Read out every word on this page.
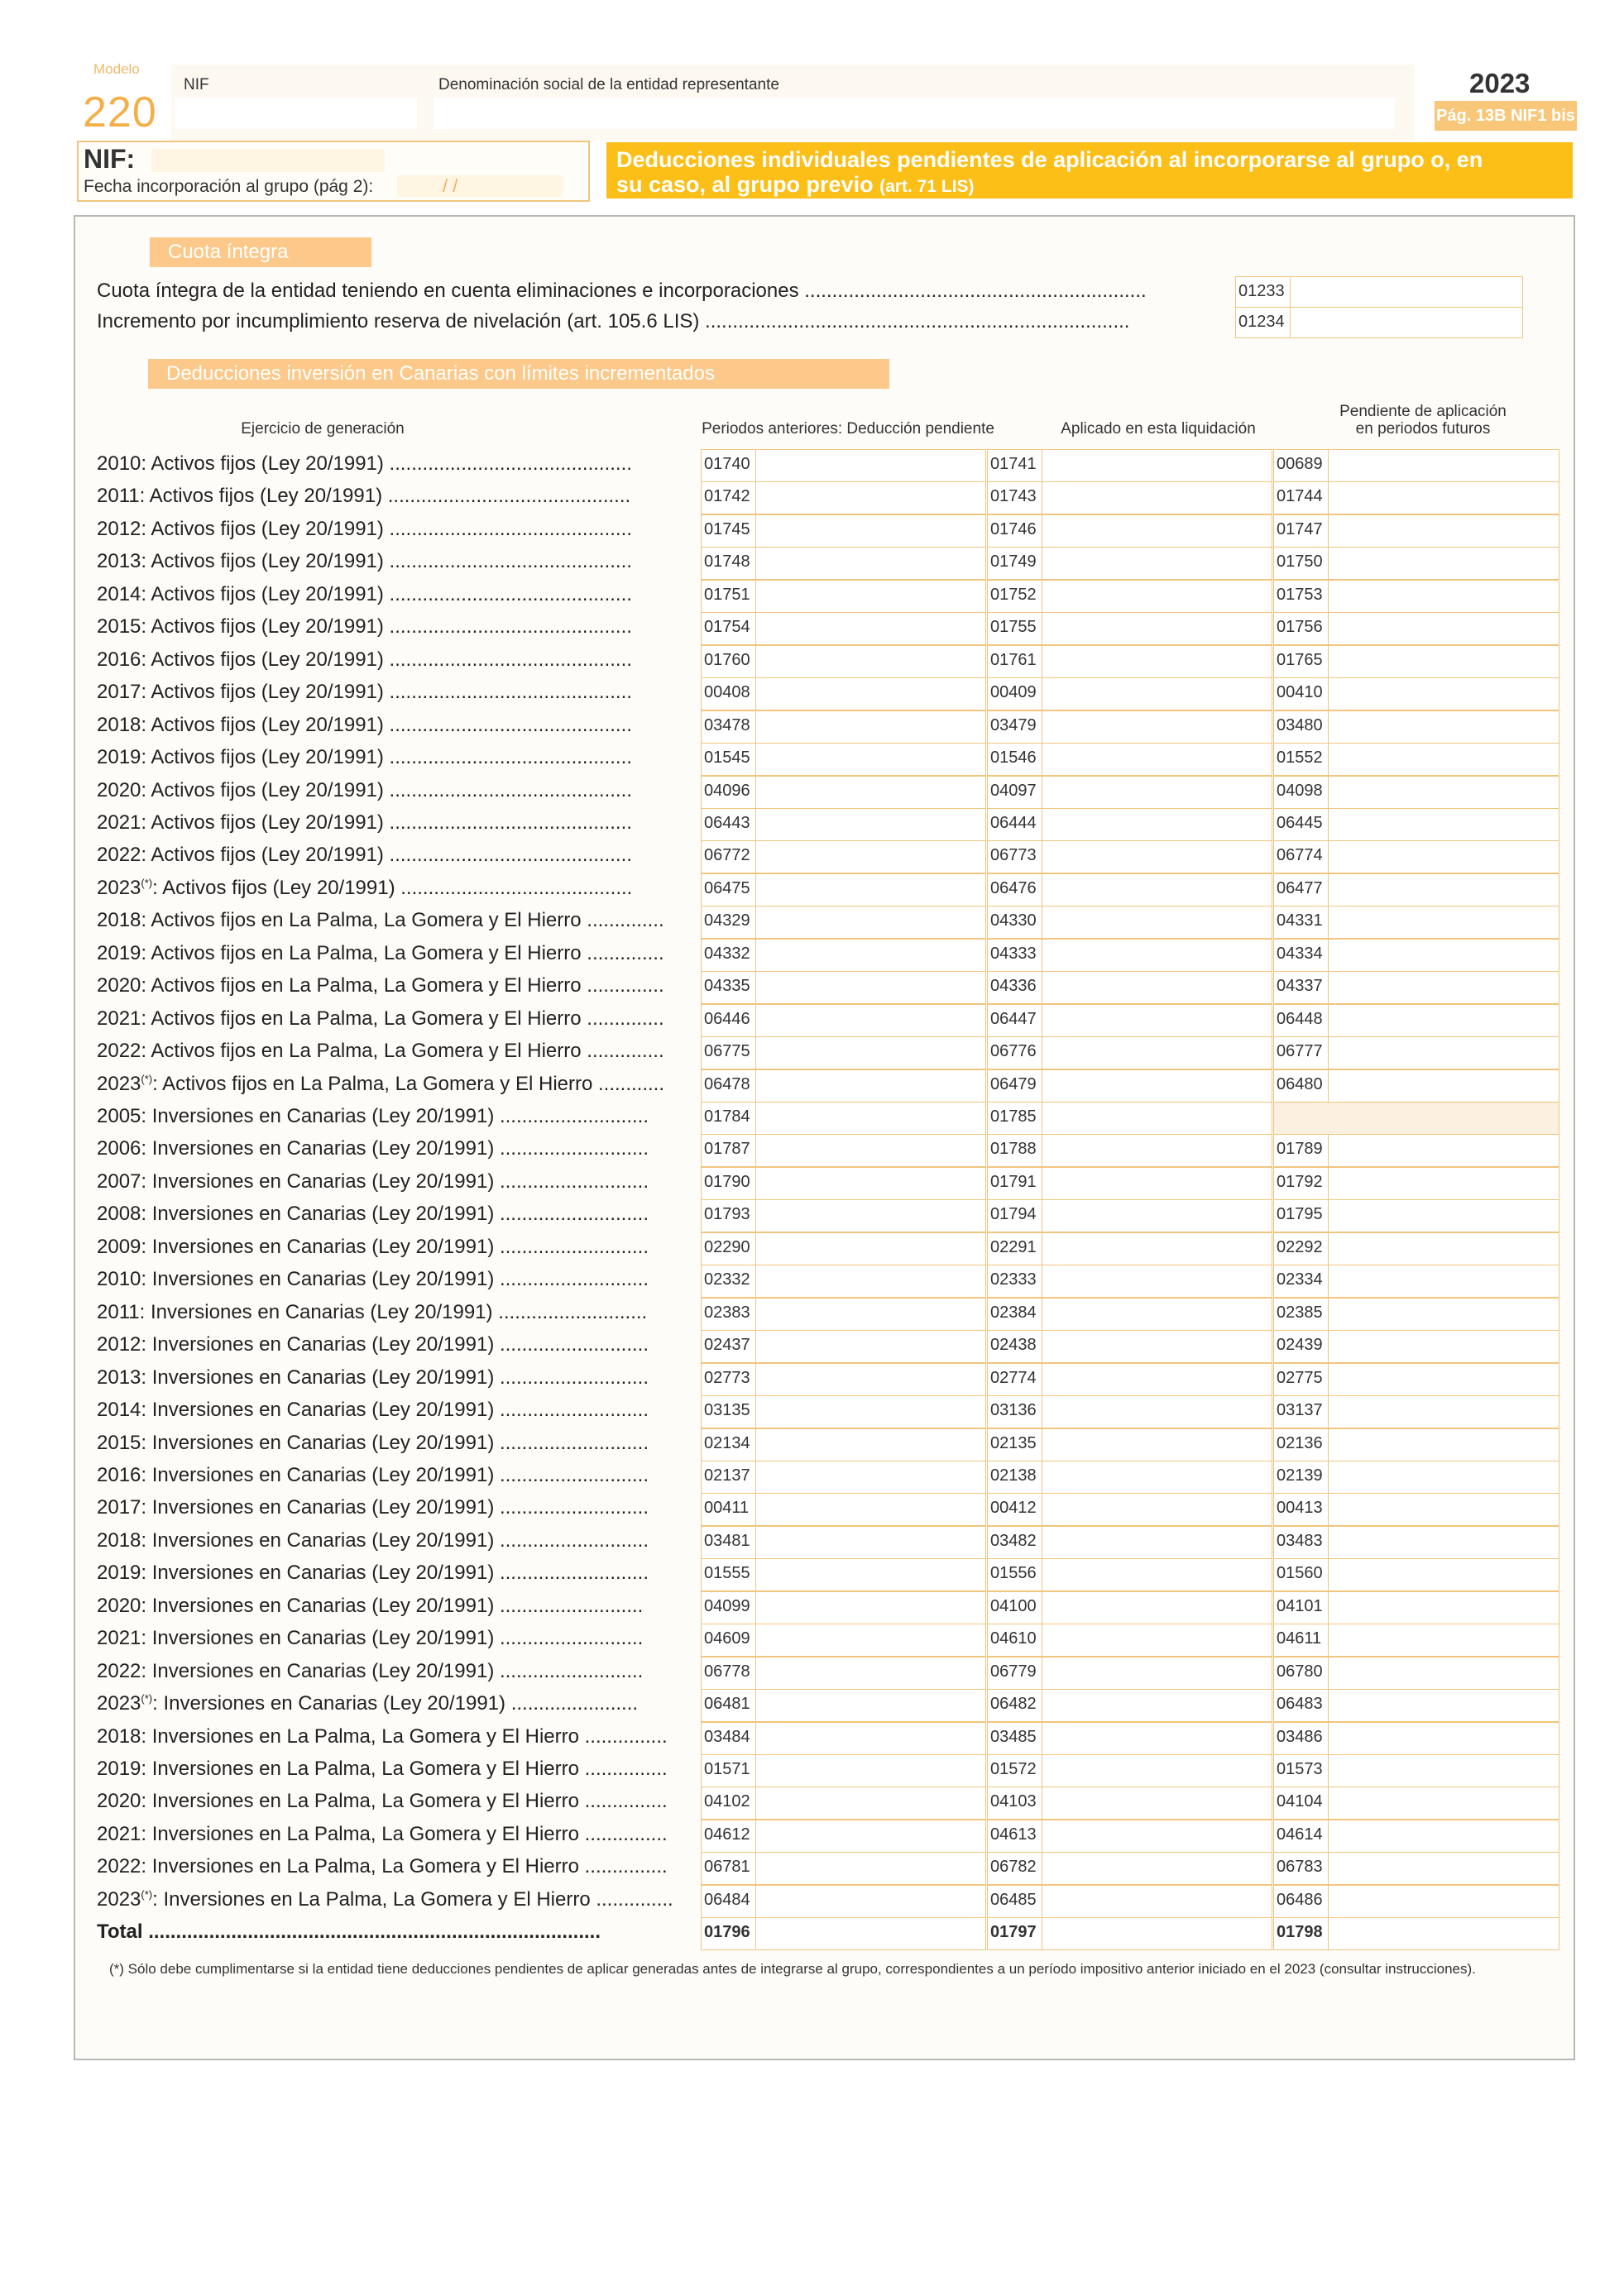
Modelo
220
NIF	Denominación social de la entidad representante	2023
Pág. 13B NIF1 bis
NIF:
Fecha incorporación al grupo (pág 2):	/ /
Deducciones individuales pendientes de aplicación al incorporarse al grupo o, en
su caso, al grupo previo (art. 71 LIS)
Cuota íntegra
Cuota íntegra de la entidad teniendo en cuenta eliminaciones e incorporaciones ..............................................................	01233
Incremento por incumplimiento reserva de nivelación (art. 105.6 LIS) .............................................................................	01234
Deducciones inversión en Canarias con límites incrementados
Ejercicio de generación	Periodos anteriores: Deducción pendiente	Aplicado en esta liquidación
Pendiente de aplicación
en periodos futuros
2010: Activos fijos (Ley 20/1991) ............................................	01740	01741	00689
2011: Activos fijos (Ley 20/1991) ............................................	01742	01743	01744
2012: Activos fijos (Ley 20/1991) ............................................	01745	01746	01747
2013: Activos fijos (Ley 20/1991) ............................................	01748	01749	01750
2014: Activos fijos (Ley 20/1991) ............................................	01751	01752	01753
2015: Activos fijos (Ley 20/1991) ............................................	01754	01755	01756
2016: Activos fijos (Ley 20/1991) ............................................	01760	01761	01765
2017: Activos fijos (Ley 20/1991) ............................................	00408	00409	00410
2018: Activos fijos (Ley 20/1991) ............................................	03478	03479	03480
2019: Activos fijos (Ley 20/1991) ............................................	01545	01546	01552
2020: Activos fijos (Ley 20/1991) ............................................	04096	04097	04098
2021: Activos fijos (Ley 20/1991) ............................................	06443	06444	06445
2022: Activos fijos (Ley 20/1991) ............................................	06772	06773	06774
2023(*): Activos fijos (Ley 20/1991) ..........................................	06475	06476	06477
2018: Activos fijos en La Palma, La Gomera y El Hierro .............. 04329	04330	04331
2019: Activos fijos en La Palma, La Gomera y El Hierro .............. 04332	04333	04334
2020: Activos fijos en La Palma, La Gomera y El Hierro .............. 04335	04336	04337
2021: Activos fijos en La Palma, La Gomera y El Hierro .............. 06446	06447	06448
2022: Activos fijos en La Palma, La Gomera y El Hierro .............. 06775	06776	06777
2023(*): Activos fijos en La Palma, La Gomera y El Hierro ............ 06478	06479	06480
2005: Inversiones en Canarias (Ley 20/1991) ...........................	01784	01785
2006: Inversiones en Canarias (Ley 20/1991) ...........................	01787	01788	01789
2007: Inversiones en Canarias (Ley 20/1991) ...........................	01790	01791	01792
2008: Inversiones en Canarias (Ley 20/1991) ...........................	01793	01794	01795
2009: Inversiones en Canarias (Ley 20/1991) ...........................	02290	02291	02292
2010: Inversiones en Canarias (Ley 20/1991) ...........................	02332	02333	02334
2011: Inversiones en Canarias (Ley 20/1991) ...........................	02383	02384	02385
2012: Inversiones en Canarias (Ley 20/1991) ...........................	02437	02438	02439
2013: Inversiones en Canarias (Ley 20/1991) ...........................	02773	02774	02775
2014: Inversiones en Canarias (Ley 20/1991) ...........................	03135	03136	03137
2015: Inversiones en Canarias (Ley 20/1991) ...........................	02134	02135	02136
2016: Inversiones en Canarias (Ley 20/1991) ...........................	02137	02138	02139
2017: Inversiones en Canarias (Ley 20/1991) ...........................	00411	00412	00413
2018: Inversiones en Canarias (Ley 20/1991) ...........................	03481	03482	03483
2019: Inversiones en Canarias (Ley 20/1991) ...........................	01555	01556	01560
2020: Inversiones en Canarias (Ley 20/1991) ..........................	04099	04100	04101
2021: Inversiones en Canarias (Ley 20/1991) ..........................	04609	04610	04611
2022: Inversiones en Canarias (Ley 20/1991) ..........................	06778	06779	06780
2023(*): Inversiones en Canarias (Ley 20/1991) .......................	06481	06482	06483
2018: Inversiones en La Palma, La Gomera y El Hierro ............... 03484	03485	03486
2019: Inversiones en La Palma, La Gomera y El Hierro ............... 01571	01572	01573
2020: Inversiones en La Palma, La Gomera y El Hierro ............... 04102	04103	04104
2021: Inversiones en La Palma, La Gomera y El Hierro ............... 04612	04613	04614
2022: Inversiones en La Palma, La Gomera y El Hierro ............... 06781	06782	06783
2023(*): Inversiones en La Palma, La Gomera y El Hierro .............. 06484	06485	06486
Total ..................................................................................	01796	01797	01798
(*) Sólo debe cumplimentarse si la entidad tiene deducciones pendientes de aplicar generadas antes de integrarse al grupo, correspondientes a un período impositivo anterior iniciado en el 2023 (consultar instrucciones).
